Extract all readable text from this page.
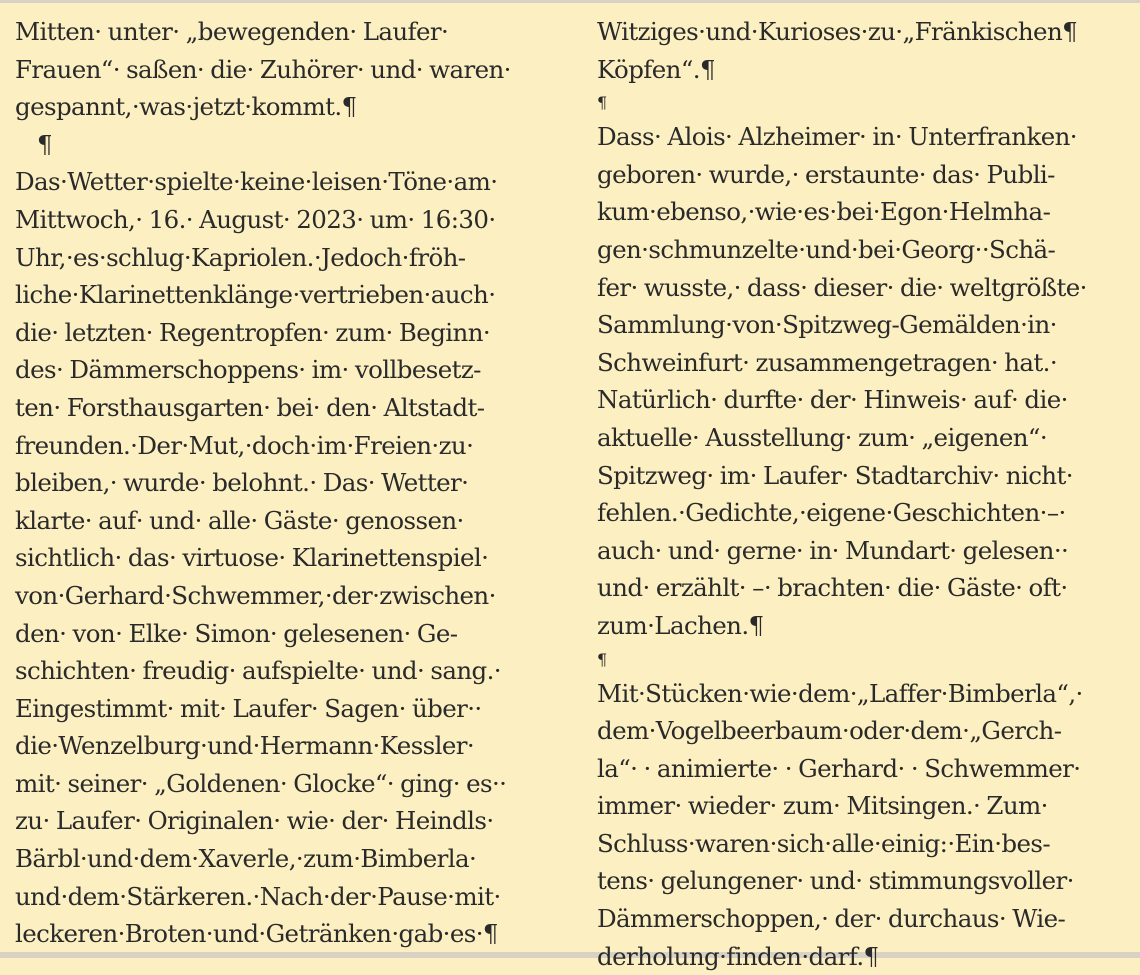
Mitten· unter· „bewegenden· Laufer·
Frauen“· saßen· die· Zuhörer· und· waren·
gespannt,·was·jetzt·kommt.¶
¶
Das·Wetter·spielte·keine·leisen·Töne·am·
Mittwoch,· 16.· August· 2023· um· 16:30·
Uhr,·es·schlug·Kapriolen.·Jedoch·fröh-
liche·Klarinettenklänge·vertrieben·auch·
die· letzten· Regentropfen· zum· Beginn·
des· Dämmerschoppens· im· vollbesetz-
ten· Forsthausgarten· bei· den· Altstadt-
freunden.·Der·Mut,·doch·im·Freien·zu·
bleiben,· wurde· belohnt.· Das· Wetter·
klarte· auf· und· alle· Gäste· genossen·
sichtlich· das· virtuose· Klarinettenspiel·
von·Gerhard·Schwemmer,·der·zwischen·
den· von· Elke· Simon· gelesenen· Ge-
schichten· freudig· aufspielte· und· sang.·
Eingestimmt· mit· Laufer· Sagen· über··
die·Wenzelburg·und·Hermann·Kessler·
mit· seiner· „Goldenen· Glocke“· ging· es··
zu· Laufer· Originalen· wie· der· Heindls·
Bärbl·und·dem·Xaverle,·zum·Bimberla·
und·dem·Stärkeren.·Nach·der·Pause·mit·
leckeren·Broten·und·Getränken·gab·es·¶
Witziges·und·Kurioses·zu·„Fränkischen¶
Köpfen“.¶
¶
Dass· Alois· Alzheimer· in· Unterfranken·
geboren· wurde,· erstaunte· das· Publi-
kum·ebenso,·wie·es·bei·Egon·Helmha-
gen·schmunzelte·und·bei·Georg··Schä-
fer· wusste,· dass· dieser· die· weltgrößte·
Sammlung·von·Spitzweg-Gemälden·in·
Schweinfurt· zusammengetragen· hat.·
Natürlich· durfte· der· Hinweis· auf· die·
aktuelle· Ausstellung· zum· „eigenen“·
Spitzweg· im· Laufer· Stadtarchiv· nicht·
fehlen.·Gedichte,·eigene·Geschichten·–·
auch· und· gerne· in· Mundart· gelesen··
und· erzählt· –· brachten· die· Gäste· oft·
zum·Lachen.¶
¶
Mit·Stücken·wie·dem·„Laffer·Bimberla“,·
dem·Vogelbeerbaum·oder·dem·„Gerch-
la“· · animierte· · Gerhard· · Schwemmer·
immer· wieder· zum· Mitsingen.· Zum·
Schluss·waren·sich·alle·einig:·Ein·bes-
tens· gelungener· und· stimmungsvoller·
Dämmerschoppen,· der· durchaus· Wie-
derholung·finden·darf.¶
